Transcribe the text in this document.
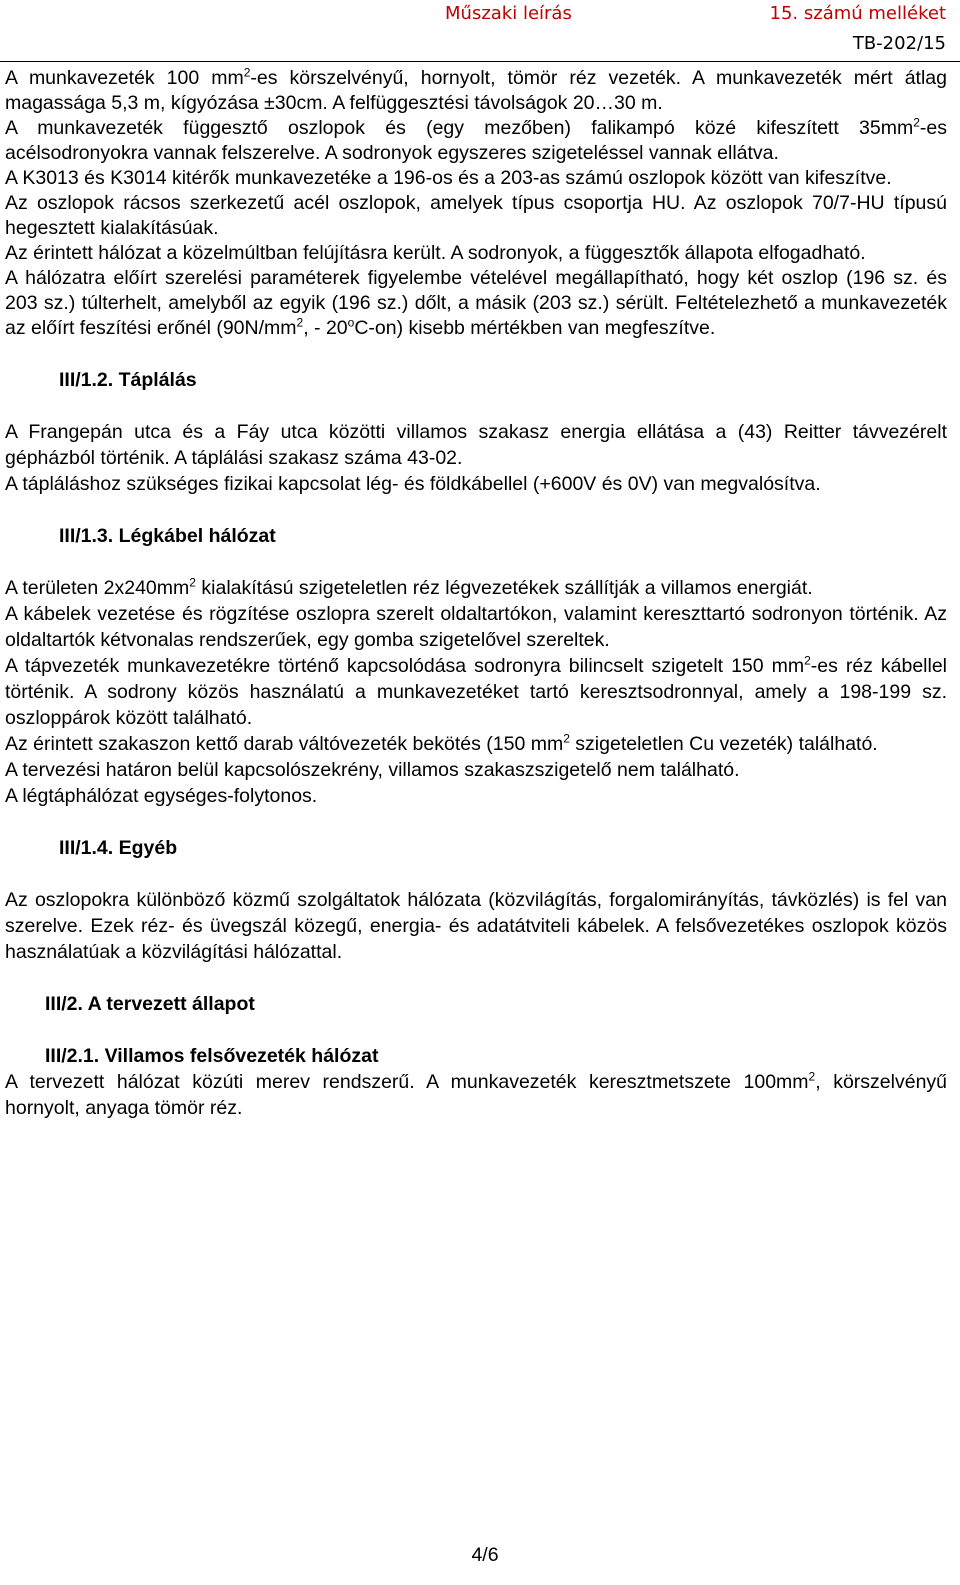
Műszaki leírás	15. számú melléket
TB-202/15

A munkavezeték 100 $mm^2-es$ körszelvényű, hornyolt, tömör réz vezeték. A munkavezeték mért átlag magassága 5,3 m, kígyózása ±30cm. A felfüggesztési távolságok 20…30 m.

A munkavezeték függesztő oszlopok és (egy mezőben) falikampó közé kifeszített $35mm^2-es$ acélsodronyokra vannak felszerelve. A sodronyok egyszeres szigeteléssel vannak ellátva.

A K3013 és K3014 kitérők munkavezetéke a 196-os és a 203-as számú oszlopok között van kifeszítve.

Az oszlopok rácsos szerkezetű acél oszlopok, amelyek típus csoportja HU. Az oszlopok 70/7-HU típusú hegesztett kialakításúak.

Az érintett hálózat a közelmúltban felújításra került. A sodronyok, a függesztők állapota elfogadható.

A hálózatra előírt szerelési paraméterek figyelembe vételével megállapítható, hogy két oszlop (196 sz. és 203 sz.) túlterhelt, amelyből az egyik (196 sz.) dőlt, a másik (203 sz.) sérült. Feltételezhető a munkavezeték az előírt feszítési erőnél ($90N/mm^2$, - 20$^o$C-on) kisebb mértékben van megfeszítve.

III/1.2. Táplálás

A Frangepán utca és a Fáy utca közötti villamos szakasz energia ellátása a (43) Reitter távvezérelt gépházból történik. A táplálási szakasz száma 43-02.

A tápláláshoz szükséges fizikai kapcsolat lég- és földkábellel (+600V és 0V) van megvalósítva.

III/1.3. Légkábel hálózat

A területen $2x240mm^2$ kialakítású szigeteletlen réz légvezetékek szállítják a villamos energiát.

A kábelek vezetése és rögzítése oszlopra szerelt oldaltartókon, valamint kereszttartó sodronyon történik. Az oldaltartók kétvonalas rendszerűek, egy gomba szigetelővel szereltek.

A tápvezeték munkavezetékre történő kapcsolódása sodronyra bilincselt szigetelt 150 $mm^2-es$ réz kábellel történik. A sodrony közös használatú a munkavezetéket tartó keresztsodronnyal, amely a 198-199 sz. oszloppárok között található.

Az érintett szakaszon kettő darab váltóvezeték bekötés (150 $mm^2$ szigeteletlen Cu vezeték) található.

A tervezési határon belül kapcsolószekrény, villamos szakaszszigetelő nem található.

A légtáphálózat egységes-folytonos.

III/1.4. Egyéb

Az oszlopokra különböző közmű szolgáltatok hálózata (közvilágítás, forgalomirányítás, távközlés) is fel van szerelve. Ezek réz- és üvegszál közegű, energia- és adatátviteli kábelek. A felsővezetékes oszlopok közös használatúak a közvilágítási hálózattal.

III/2. A tervezett állapot

III/2.1. Villamos felsővezeték hálózat

A tervezett hálózat közúti merev rendszerű. A munkavezeték keresztmetszete $100mm^2$, körszelvényű hornyolt, anyaga tömör réz.

4/6
